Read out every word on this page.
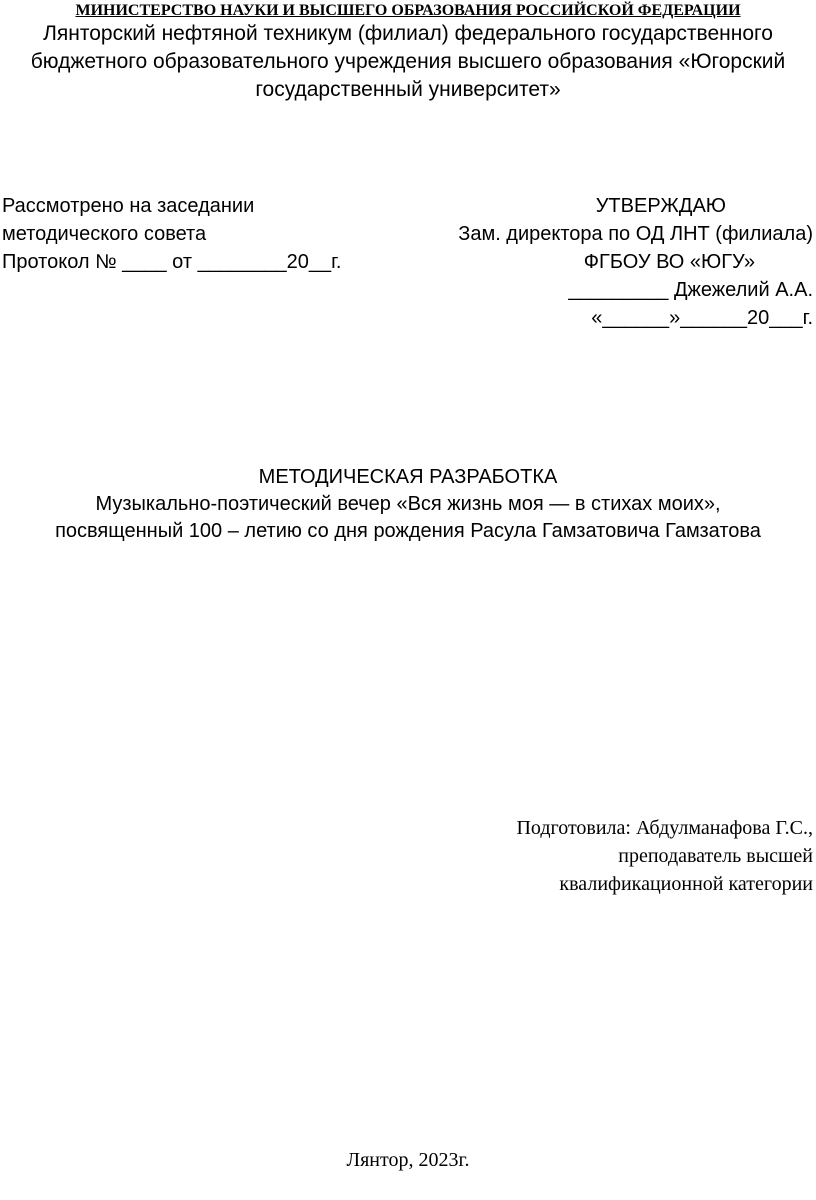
МИНИСТЕРСТВО НАУКИ И ВЫСШЕГО ОБРАЗОВАНИЯ РОССИЙСКОЙ ФЕДЕРАЦИИ
Лянторский нефтяной техникум (филиал) федерального государственного
бюджетного образовательного учреждения высшего образования «Югорский
государственный университет»
Рассмотрено на заседании
методического совета
Протокол № ____ от ________20__г.
УТВЕРЖДАЮ
Зам. директора по ОД ЛНТ (филиала)
ФГБОУ ВО «ЮГУ»
_________ Джежелий А.А.
«______»______20___г.
МЕТОДИЧЕСКАЯ РАЗРАБОТКА
Музыкально-поэтический вечер «Вся жизнь моя — в стихах моих»,
посвященный 100 – летию со дня рождения Расула Гамзатовича Гамзатова
Подготовила: Абдулманафова Г.С.,
преподаватель высшей
квалификационной категории
Лянтор, 2023г.
